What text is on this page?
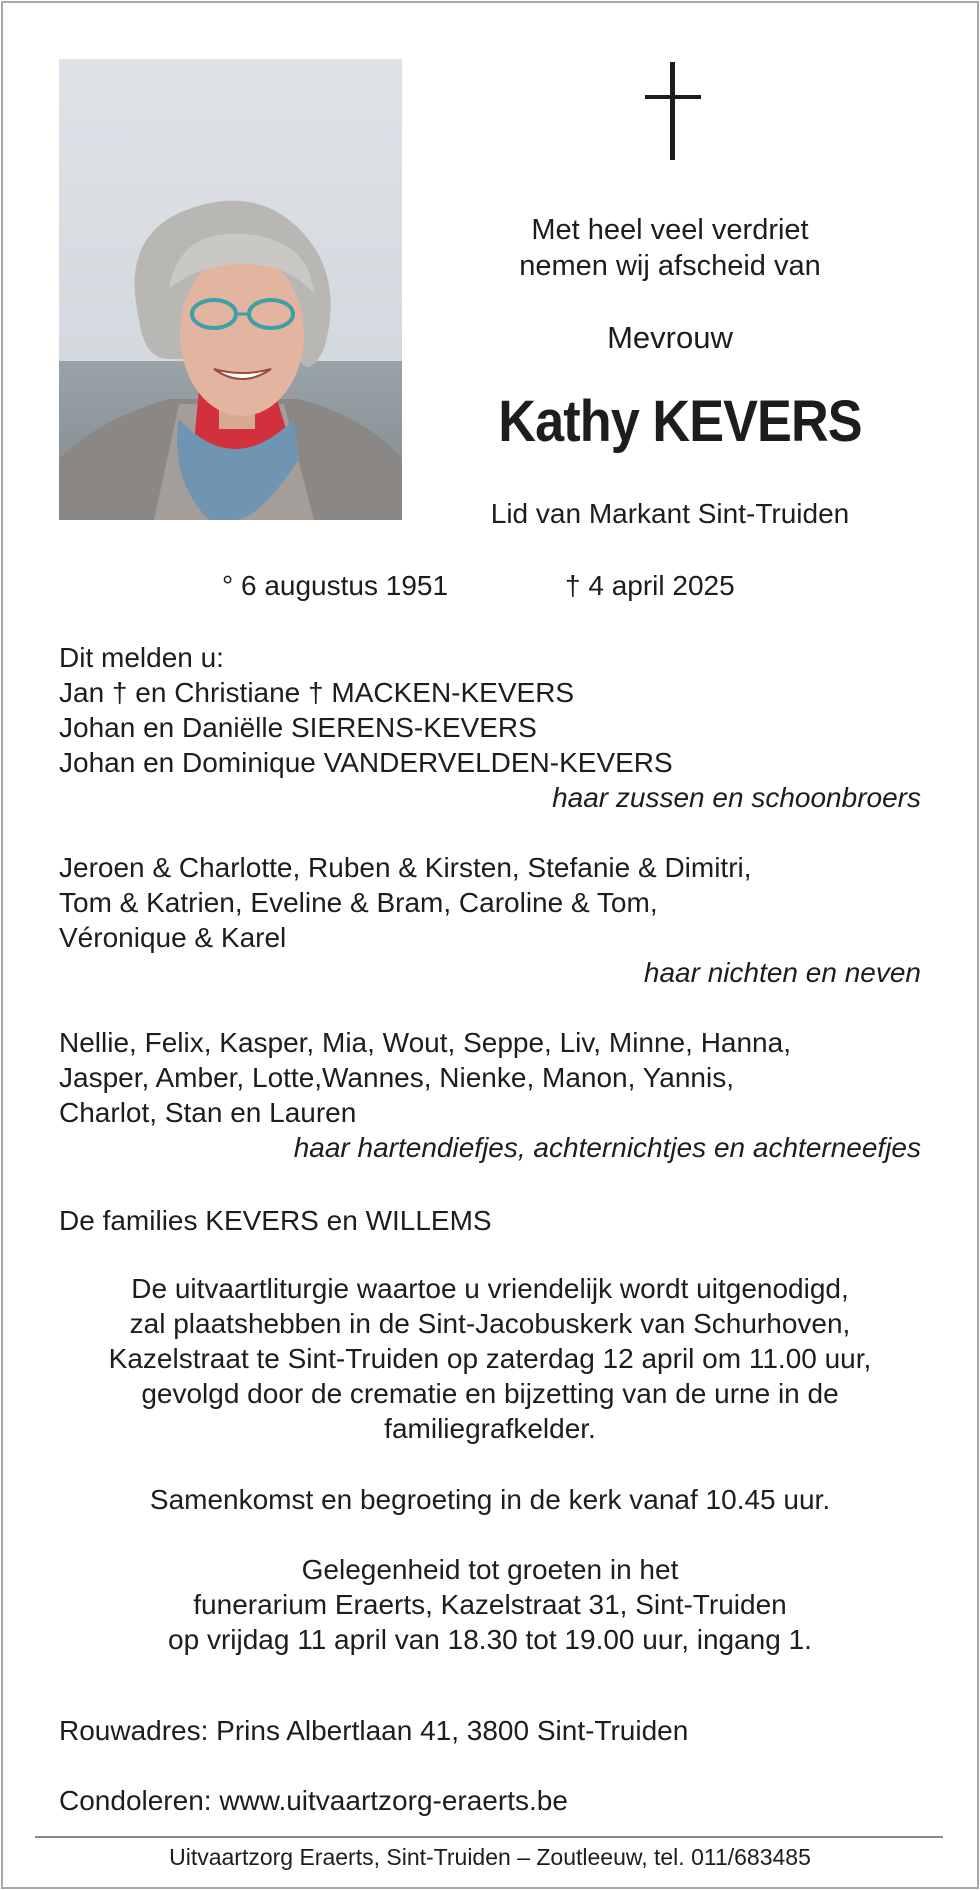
Met heel veel verdriet
nemen wij afscheid van
Mevrouw
Kathy KEVERS
Lid van Markant Sint-Truiden
° 6 augustus 1951	† 4 april 2025
Dit melden u:
Jan † en Christiane † MACKEN-KEVERS
Johan en Daniëlle SIERENS-KEVERS
Johan en Dominique VANDERVELDEN-KEVERS
haar zussen en schoonbroers
Jeroen & Charlotte, Ruben & Kirsten, Stefanie & Dimitri,
Tom & Katrien, Eveline & Bram, Caroline & Tom,
Véronique & Karel
haar nichten en neven
Nellie, Felix, Kasper, Mia, Wout, Seppe, Liv, Minne, Hanna,
Jasper, Amber, Lotte,Wannes, Nienke, Manon, Yannis,
Charlot, Stan en Lauren
haar hartendiefjes, achternichtjes en achterneefjes
De families KEVERS en WILLEMS
De uitvaartliturgie waartoe u vriendelijk wordt uitgenodigd,
zal plaatshebben in de Sint-Jacobuskerk van Schurhoven,
Kazelstraat te Sint-Truiden op zaterdag 12 april om 11.00 uur,
gevolgd door de crematie en bijzetting van de urne in de
familiegrafkelder.
Samenkomst en begroeting in de kerk vanaf 10.45 uur.
Gelegenheid tot groeten in het
funerarium Eraerts, Kazelstraat 31, Sint-Truiden
op vrijdag 11 april van 18.30 tot 19.00 uur, ingang 1.
Rouwadres: Prins Albertlaan 41, 3800 Sint-Truiden
Condoleren: www.uitvaartzorg-eraerts.be
Uitvaartzorg Eraerts, Sint-Truiden – Zoutleeuw, tel. 011/683485
